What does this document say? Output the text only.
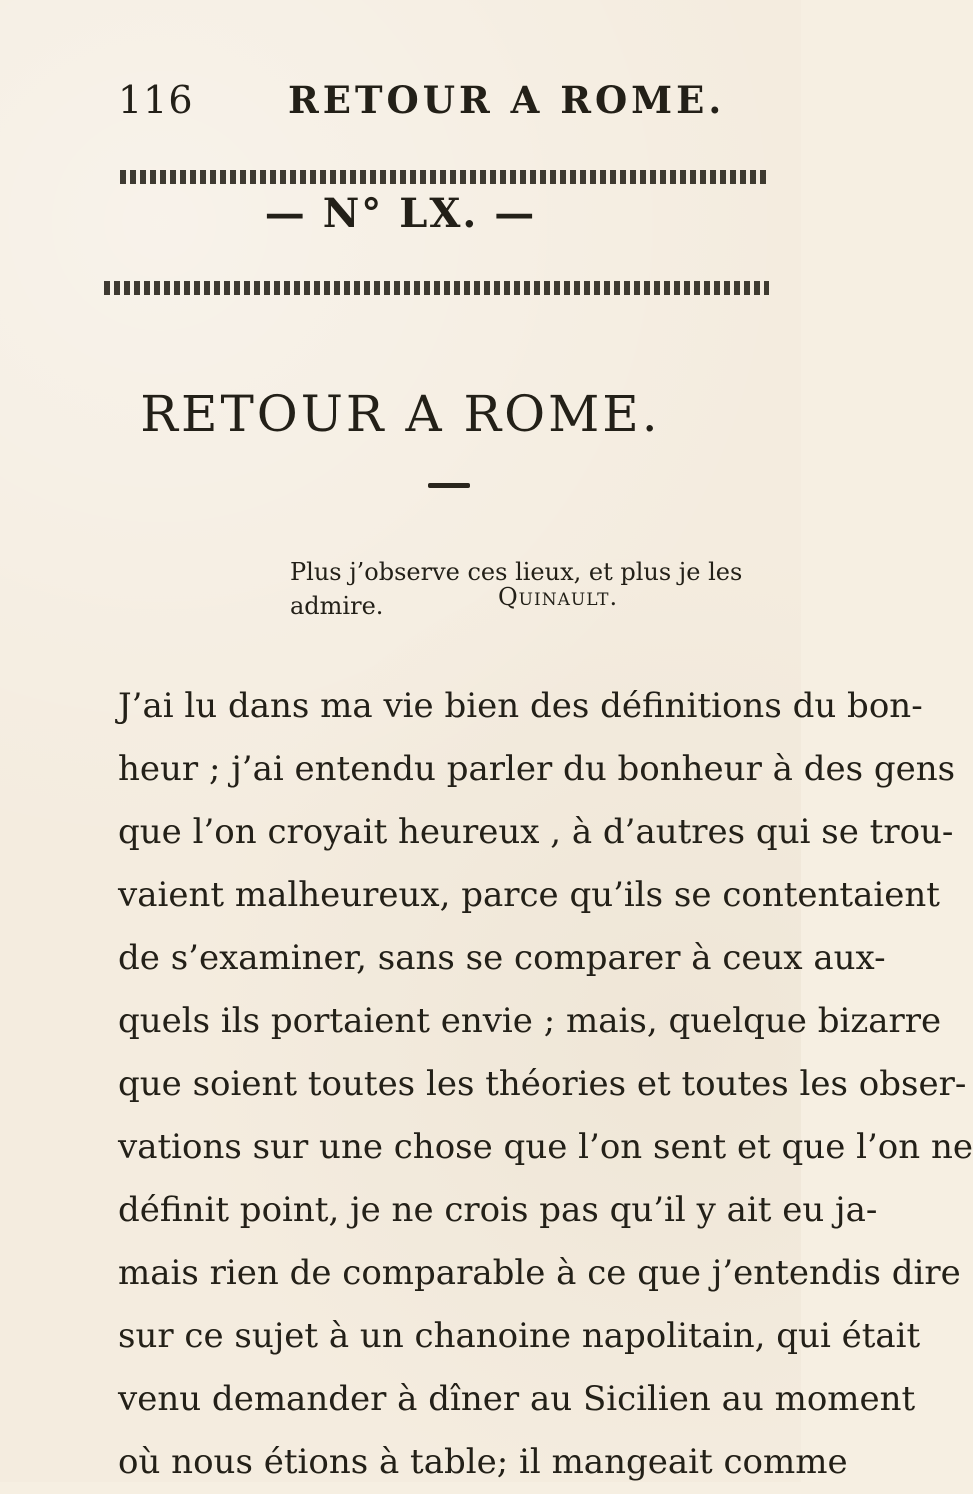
116	RETOUR A ROME.
— N° LX. —
RETOUR A ROME.
Plus j’observe ces lieux, et plus je les admire.	Quinault.
J’ai lu dans ma vie bien des définitions du bon-
heur ; j’ai entendu parler du bonheur à des gens
que l’on croyait heureux , à d’autres qui se trou-
vaient malheureux, parce qu’ils se contentaient
de s’examiner, sans se comparer à ceux aux-
quels ils portaient envie ; mais, quelque bizarre
que soient toutes les théories et toutes les obser-
vations sur une chose que l’on sent et que l’on ne
définit point, je ne crois pas qu’il y ait eu ja-
mais rien de comparable à ce que j’entendis dire
sur ce sujet à un chanoine napolitain, qui était
venu demander à dîner au Sicilien au moment
où nous étions à table; il mangeait comme
